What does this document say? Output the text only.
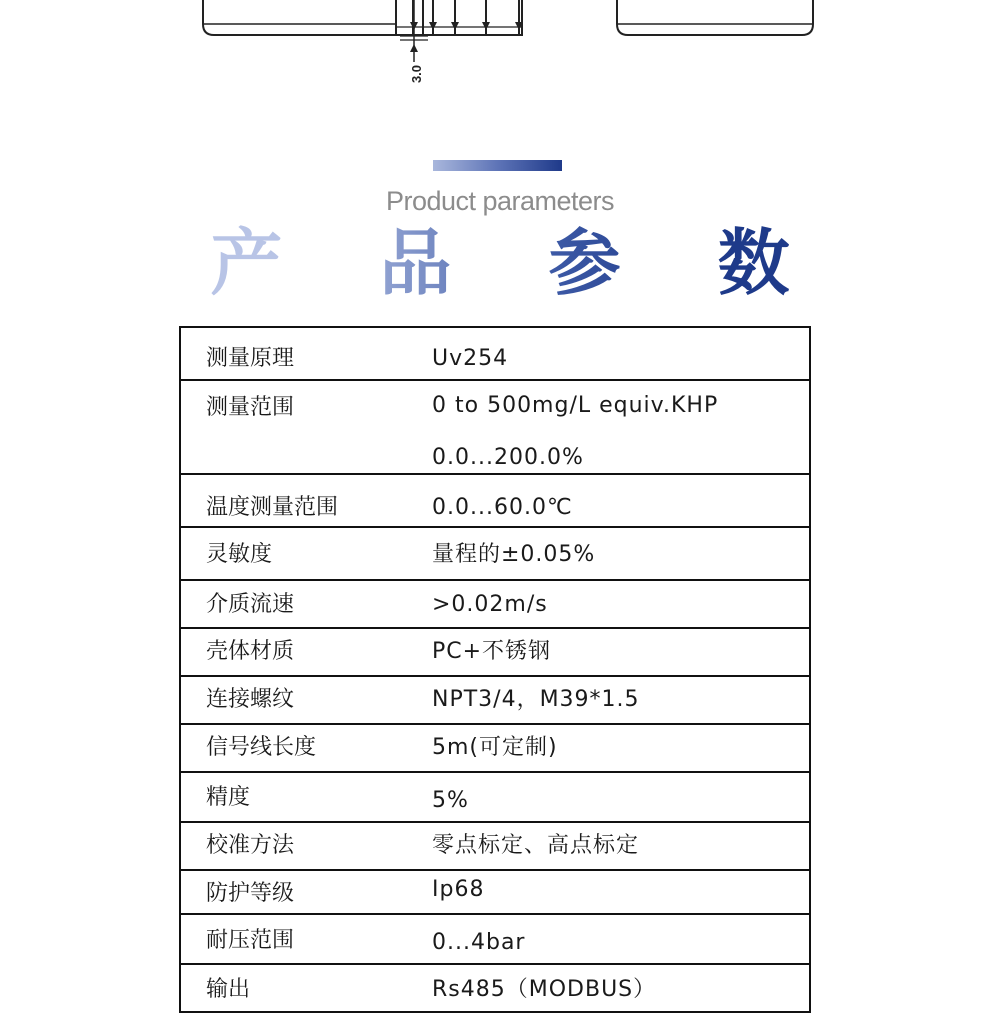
3.0
Product parameters
产 品 参 数
测量原理	Uv254

测量范围	0 to 500mg/L equiv.KHP
0.0...200.0%

温度测量范围	0.0...60.0℃

灵敏度	量程的±0.05%

介质流速	>0.02m/s

壳体材质	PC+不锈钢

连接螺纹	NPT3/4，M39*1.5

信号线长度	5m(可定制)

精度	5%

校准方法	零点标定、高点标定

防护等级	Ip68

耐压范围	0...4bar

输出	Rs485（MODBUS）
